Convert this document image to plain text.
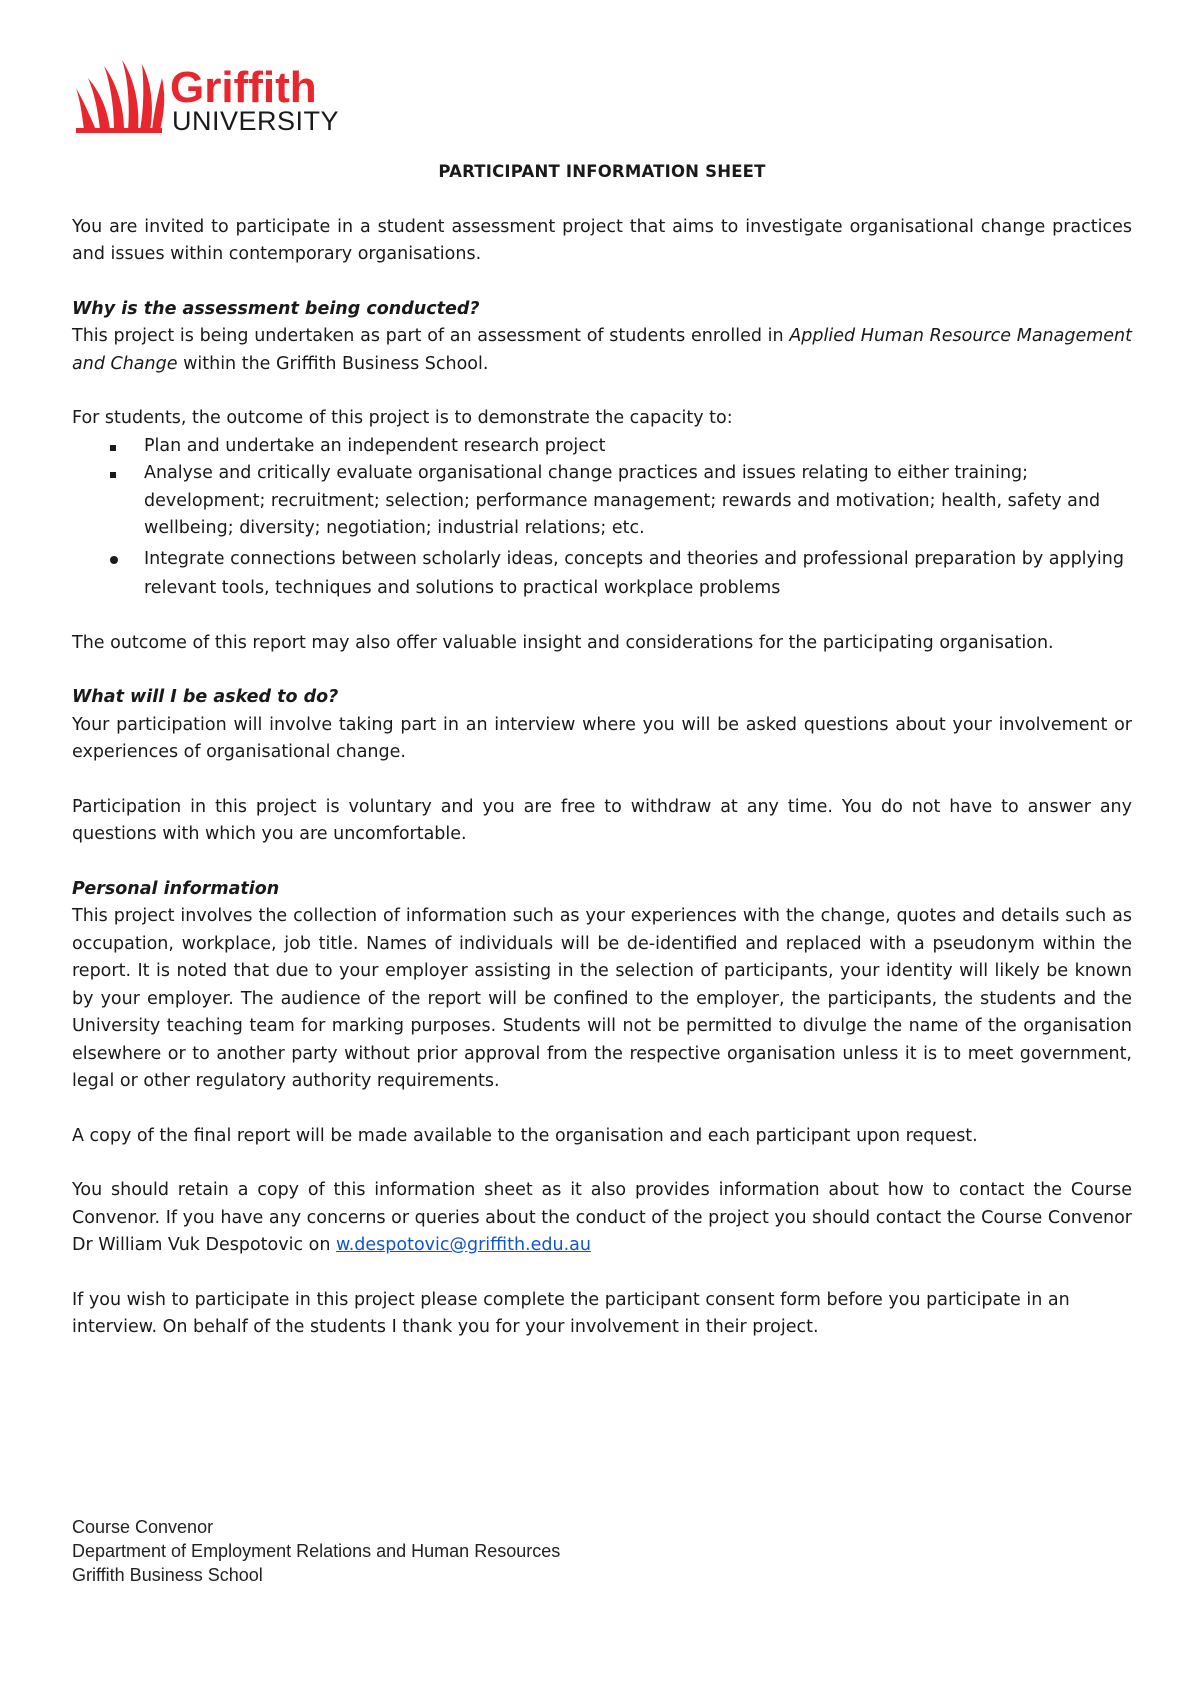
Griffith
UNIVERSITY
PARTICIPANT INFORMATION SHEET

You are invited to participate in a student assessment project that aims to investigate organisational change practices and issues within contemporary organisations.

Why is the assessment being conducted?
This project is being undertaken as part of an assessment of students enrolled in Applied Human Resource Management and Change within the Griffith Business School.

For students, the outcome of this project is to demonstrate the capacity to:

Plan and undertake an independent research project
Analyse and critically evaluate organisational change practices and issues relating to either training; development; recruitment; selection; performance management; rewards and motivation; health, safety and wellbeing; diversity; negotiation; industrial relations; etc.
Integrate connections between scholarly ideas, concepts and theories and professional preparation by applying relevant tools, techniques and solutions to practical workplace problems

The outcome of this report may also offer valuable insight and considerations for the participating organisation.

What will I be asked to do?
Your participation will involve taking part in an interview where you will be asked questions about your involvement or experiences of organisational change.

Participation in this project is voluntary and you are free to withdraw at any time. You do not have to answer any questions with which you are uncomfortable.

Personal information
This project involves the collection of information such as your experiences with the change, quotes and details such as occupation, workplace, job title. Names of individuals will be de-identified and replaced with a pseudonym within the report. It is noted that due to your employer assisting in the selection of participants, your identity will likely be known by your employer. The audience of the report will be confined to the employer, the participants, the students and the University teaching team for marking purposes. Students will not be permitted to divulge the name of the organisation elsewhere or to another party without prior approval from the respective organisation unless it is to meet government, legal or other regulatory authority requirements.

A copy of the final report will be made available to the organisation and each participant upon request.

You should retain a copy of this information sheet as it also provides information about how to contact the Course Convenor. If you have any concerns or queries about the conduct of the project you should contact the Course Convenor Dr William Vuk Despotovic on w.despotovic@griffith.edu.au

If you wish to participate in this project please complete the participant consent form before you participate in an interview. On behalf of the students I thank you for your involvement in their project.

Course Convenor
Department of Employment Relations and Human Resources
Griffith Business School
